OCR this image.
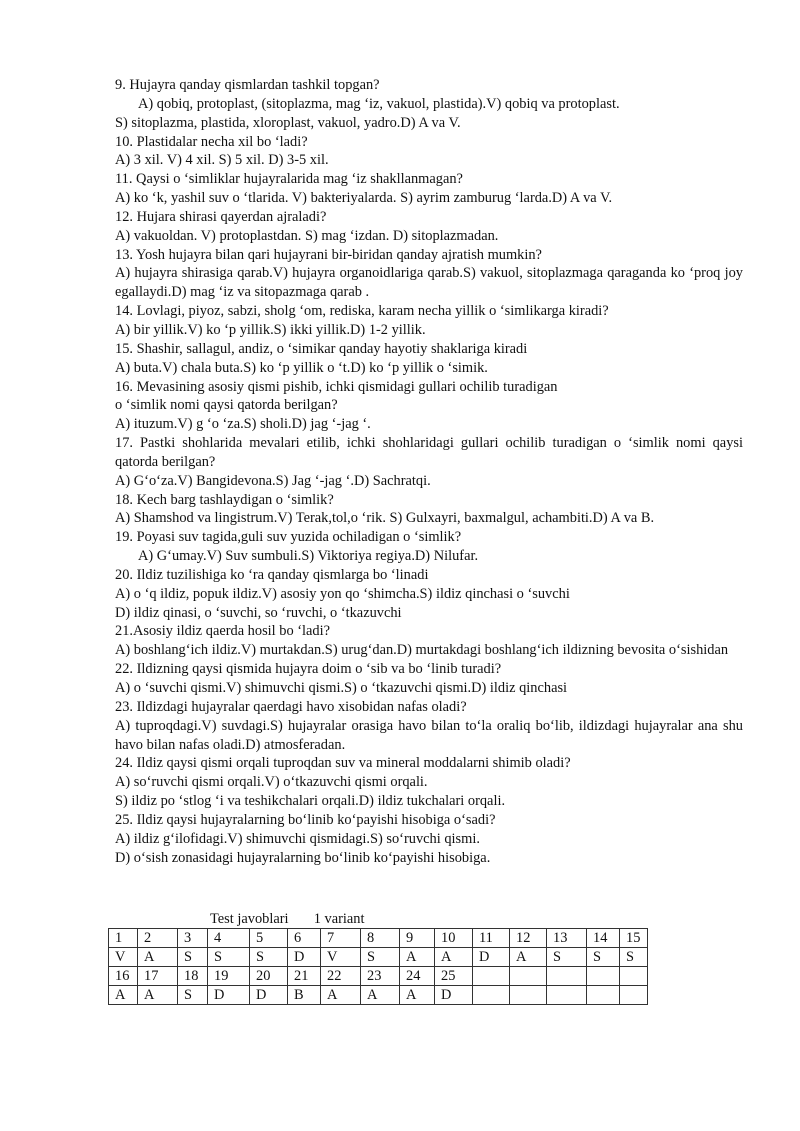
9. Hujayra qanday qismlardan tashkil topgan?
A) qobiq, protoplast, (sitoplazma, mag ‘iz, vakuol, plastida).V) qobiq va protoplast.
S) sitoplazma, plastida, xloroplast, vakuol, yadro.D) A va V.
10. Plastidalar necha xil bo ‘ladi?
A) 3 xil. V) 4 xil. S) 5 xil. D) 3-5 xil.
11. Qaysi o ‘simliklar hujayralarida mag ‘iz shakllanmagan?
A) ko ‘k, yashil suv o ‘tlarida. V) bakteriyalarda. S) ayrim zamburug ‘larda.D) A va V.
12. Hujara shirasi qayerdan ajraladi?
A) vakuoldan. V) protoplastdan. S) mag ‘izdan. D) sitoplazmadan.
13. Yosh hujayra bilan qari hujayrani bir-biridan qanday ajratish mumkin?
A) hujayra shirasiga qarab.V) hujayra organoidlariga qarab.S) vakuol, sitoplazmaga qaraganda ko ‘proq joy egallaydi.D) mag ‘iz va sitopazmaga qarab .
14. Lovlagi, piyoz, sabzi, sholg ‘om, rediska, karam necha yillik o ‘simlikarga kiradi?
A) bir yillik.V) ko ‘p yillik.S) ikki yillik.D) 1-2 yillik.
15. Shashir, sallagul, andiz, o ‘simikar qanday hayotiy shaklariga kiradi
A) buta.V) chala buta.S) ko ‘p yillik o ‘t.D) ko ‘p yillik o ‘simik.
16. Mevasining asosiy qismi pishib, ichki qismidagi gullari ochilib turadigan
o ‘simlik nomi qaysi qatorda berilgan?
A) ituzum.V) g ‘o ‘za.S) sholi.D) jag ‘-jag ‘.
17. Pastki shohlarida mevalari etilib, ichki shohlaridagi gullari ochilib turadigan o ‘simlik nomi qaysi qatorda berilgan?
A) G‘o‘za.V) Bangidevona.S) Jag ‘-jag ‘.D) Sachratqi.
18. Kech barg tashlaydigan o ‘simlik?
A) Shamshod va lingistrum.V) Terak,tol,o ‘rik. S) Gulxayri, baxmalgul, achambiti.D) A va B.
19. Poyasi suv tagida,guli suv yuzida ochiladigan o ‘simlik?
A) G‘umay.V) Suv sumbuli.S) Viktoriya regiya.D) Nilufar.
20. Ildiz tuzilishiga ko ‘ra qanday qismlarga bo ‘linadi
A) o ‘q ildiz, popuk ildiz.V) asosiy yon qo ‘shimcha.S) ildiz qinchasi o ‘suvchi
D) ildiz qinasi, o ‘suvchi, so ‘ruvchi, o ‘tkazuvchi
21.Asosiy ildiz qaerda hosil bo ‘ladi?
A) boshlang‘ich ildiz.V) murtakdan.S) urug‘dan.D) murtakdagi boshlang‘ich ildizning bevosita o‘sishidan
22. Ildizning qaysi qismida hujayra doim o ‘sib va bo ‘linib turadi?
A) o ‘suvchi qismi.V) shimuvchi qismi.S) o ‘tkazuvchi qismi.D) ildiz qinchasi
23. Ildizdagi hujayralar qaerdagi havo xisobidan nafas oladi?
A) tuproqdagi.V) suvdagi.S) hujayralar orasiga havo bilan to‘la oraliq bo‘lib, ildizdagi hujayralar ana shu havo bilan nafas oladi.D) atmosferadan.
24. Ildiz qaysi qismi orqali tuproqdan suv va mineral moddalarni shimib oladi?
A) so‘ruvchi qismi orqali.V) o‘tkazuvchi qismi orqali.
S) ildiz po ‘stlog ‘i va teshikchalari orqali.D) ildiz tukchalari orqali.
25. Ildiz qaysi hujayralarning bo‘linib ko‘payishi hisobiga o‘sadi?
A) ildiz g‘ilofidagi.V) shimuvchi qismidagi.S) so‘ruvchi qismi.
D) o‘sish zonasidagi hujayralarning bo‘linib ko‘payishi hisobiga.
Test javoblari 1 variant
1	2	3	4	5	6	7	8	9	10	11	12	13	14	15
V	A	S	S	S	D	V	S	A	A	D	A	S	S	S
16	17	18	19	20	21	22	23	24	25					
A	A	S	D	D	B	A	A	A	D					
